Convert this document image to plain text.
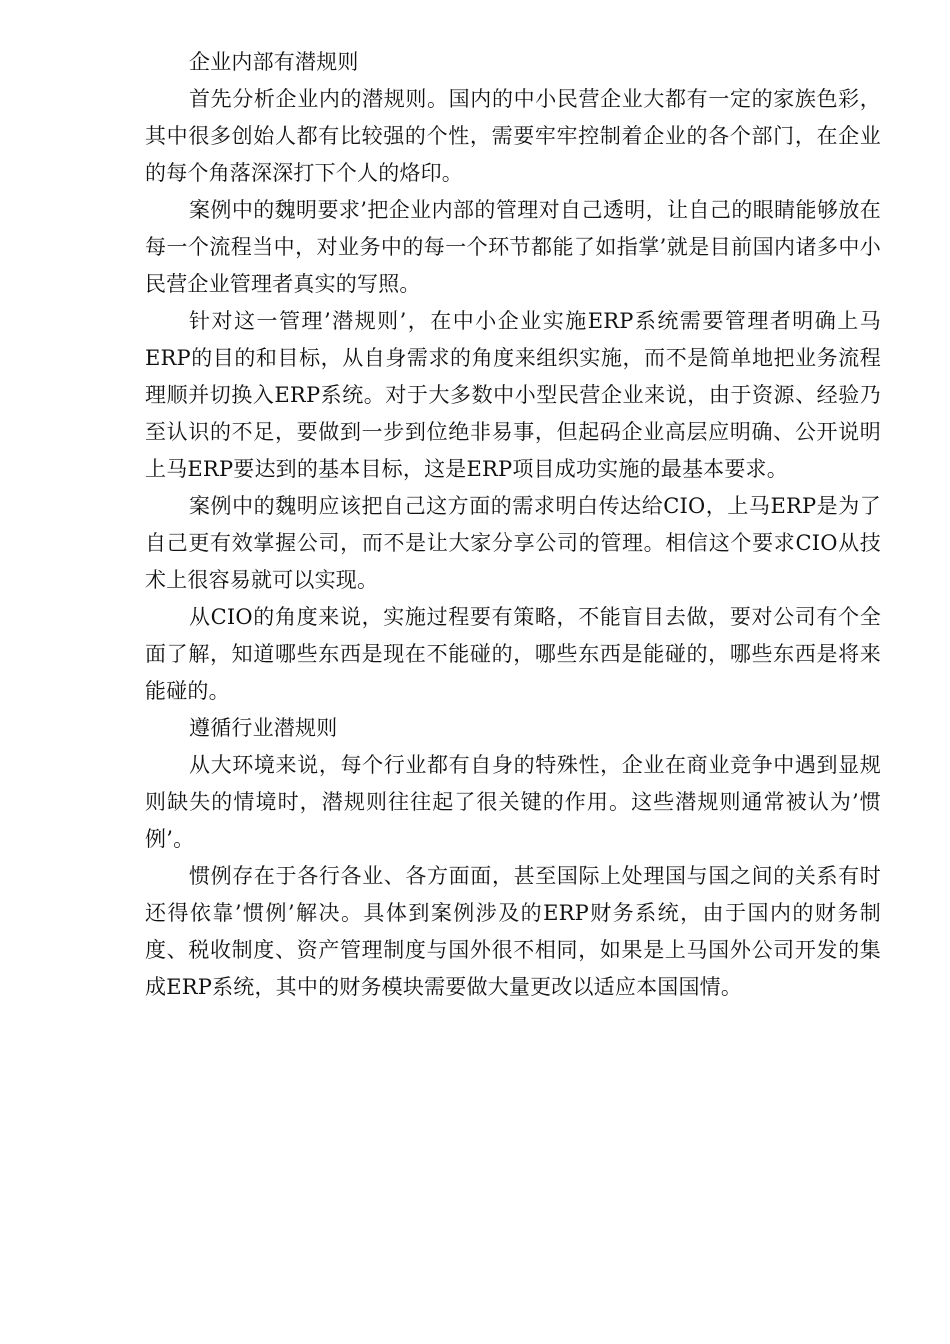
企业内部有潜规则

首先分析企业内的潜规则。国内的中小民营企业大都有一定的家族色彩，其中很多创始人都有比较强的个性，需要牢牢控制着企业的各个部门，在企业的每个角落深深打下个人的烙印。

案例中的魏明要求’把企业内部的管理对自己透明，让自己的眼睛能够放在每一个流程当中，对业务中的每一个环节都能了如指掌’就是目前国内诸多中小民营企业管理者真实的写照。

针对这一管理’潜规则’，在中小企业实施ERP系统需要管理者明确上马ERP的目的和目标，从自身需求的角度来组织实施，而不是简单地把业务流程理顺并切换入ERP系统。对于大多数中小型民营企业来说，由于资源、经验乃至认识的不足，要做到一步到位绝非易事，但起码企业高层应明确、公开说明上马ERP要达到的基本目标，这是ERP项目成功实施的最基本要求。

案例中的魏明应该把自己这方面的需求明白传达给CIO，上马ERP是为了自己更有效掌握公司，而不是让大家分享公司的管理。相信这个要求CIO从技术上很容易就可以实现。

从CIO的角度来说，实施过程要有策略，不能盲目去做，要对公司有个全面了解，知道哪些东西是现在不能碰的，哪些东西是能碰的，哪些东西是将来能碰的。

遵循行业潜规则

从大环境来说，每个行业都有自身的特殊性，企业在商业竞争中遇到显规则缺失的情境时，潜规则往往起了很关键的作用。这些潜规则通常被认为’惯例’。

惯例存在于各行各业、各方面面，甚至国际上处理国与国之间的关系有时还得依靠’惯例’解决。具体到案例涉及的ERP财务系统，由于国内的财务制度、税收制度、资产管理制度与国外很不相同，如果是上马国外公司开发的集成ERP系统，其中的财务模块需要做大量更改以适应本国国情。
